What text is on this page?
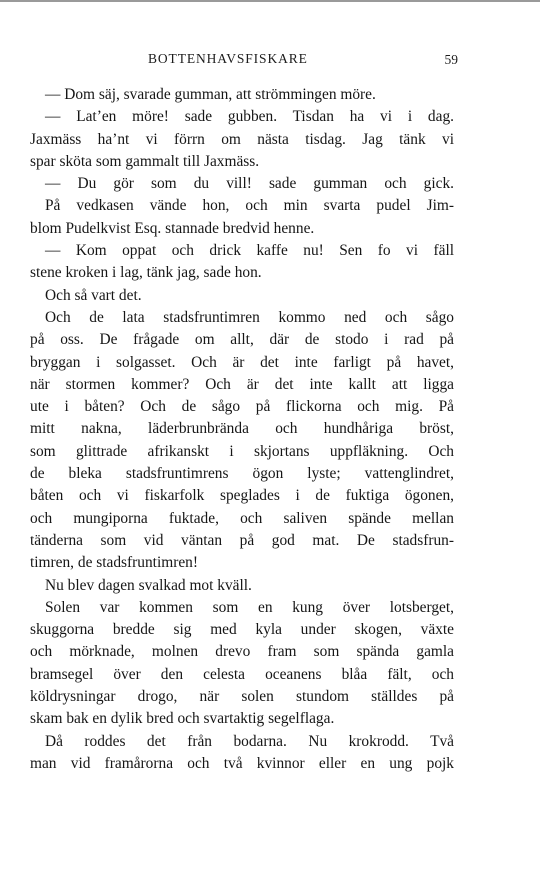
BOTTENHAVSFISKARE	59
— Dom säj, svarade gumman, att strömmingen möre.
— Lat’en möre! sade gubben. Tisdan ha vi i dag.
Jaxmäss ha’nt vi förrn om nästa tisdag. Jag tänk vi
spar sköta som gammalt till Jaxmäss.
— Du gör som du vill! sade gumman och gick.
På vedkasen vände hon, och min svarta pudel Jim-
blom Pudelkvist Esq. stannade bredvid henne.
— Kom oppat och drick kaffe nu! Sen fo vi fäll
stene kroken i lag, tänk jag, sade hon.
Och så vart det.
Och de lata stadsfruntimren kommo ned och sågo
på oss. De frågade om allt, där de stodo i rad på
bryggan i solgasset. Och är det inte farligt på havet,
när stormen kommer? Och är det inte kallt att ligga
ute i båten? Och de sågo på flickorna och mig. På
mitt nakna, läderbrunbrända och hundhåriga bröst,
som glittrade afrikanskt i skjortans uppfläkning. Och
de bleka stadsfruntimrens ögon lyste; vattenglindret,
båten och vi fiskarfolk speglades i de fuktiga ögonen,
och mungiporna fuktade, och saliven spände mellan
tänderna som vid väntan på god mat. De stadsfrun-
timren, de stadsfruntimren!
Nu blev dagen svalkad mot kväll.
Solen var kommen som en kung över lotsberget,
skuggorna bredde sig med kyla under skogen, växte
och mörknade, molnen drevo fram som spända gamla
bramsegel över den celesta oceanens blåa fält, och
köldrysningar drogo, när solen stundom ställdes på
skam bak en dylik bred och svartaktig segelflaga.
Då roddes det från bodarna. Nu krokrodd. Två
man vid framårorna och två kvinnor eller en ung pojk
